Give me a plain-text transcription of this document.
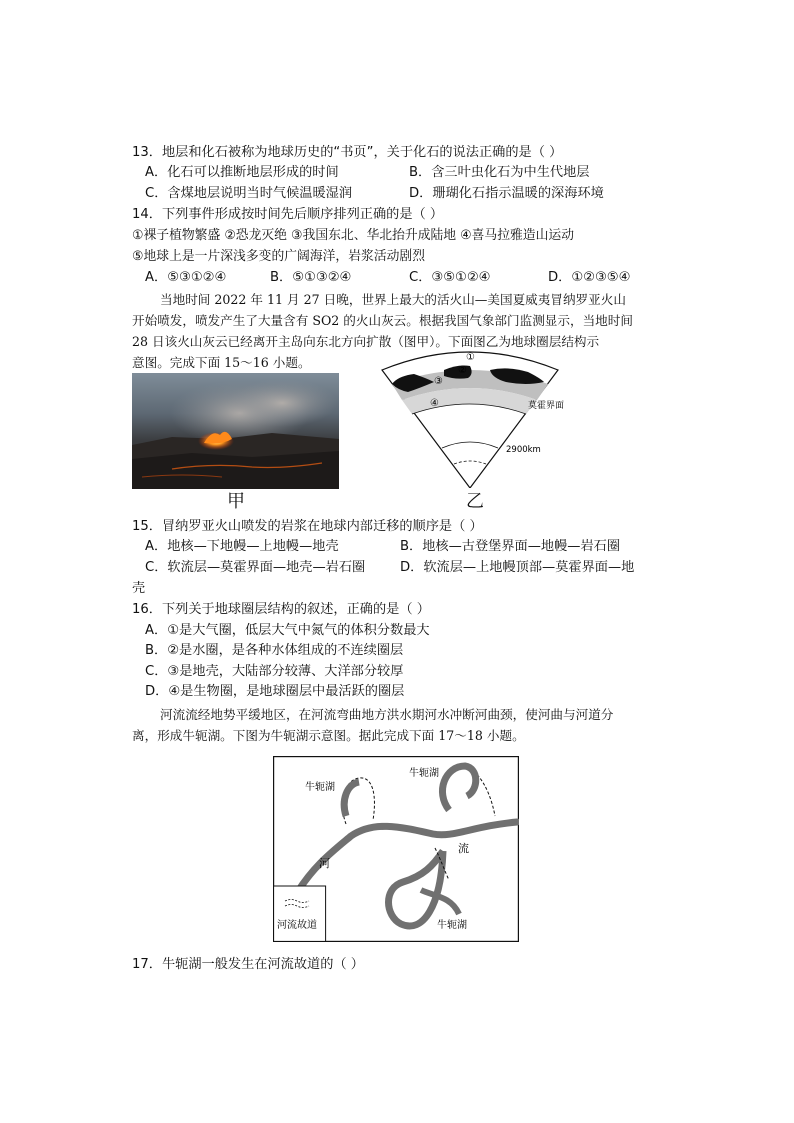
13．地层和化石被称为地球历史的“书页”，关于化石的说法正确的是（ ）
A．化石可以推断地层形成的时间	B．含三叶虫化石为中生代地层
C．含煤地层说明当时气候温暖湿润	D．珊瑚化石指示温暖的深海环境
14．下列事件形成按时间先后顺序排列正确的是（ ）
①裸子植物繁盛 ②恐龙灭绝 ③我国东北、华北抬升成陆地 ④喜马拉雅造山运动
⑤地球上是一片深浅多变的广阔海洋，岩浆活动剧烈
A．⑤③①②④	B．⑤①③②④	C．③⑤①②④	D．①②③⑤④
当地时间 2022 年 11 月 27 日晚，世界上最大的活火山—美国夏威夷冒纳罗亚火山
开始喷发，喷发产生了大量含有 SO2 的火山灰云。根据我国气象部门监测显示，当地时间
28 日该火山灰云已经离开主岛向东北方向扩散（图甲）。下面图乙为地球圈层结构示
意图。完成下面 15～16 小题。
甲
①
②
③
④	莫霍界面
2900km
乙
15．冒纳罗亚火山喷发的岩浆在地球内部迁移的顺序是（ ）
A．地核—下地幔—上地幔—地壳	B．地核—古登堡界面—地幔—岩石圈
C．软流层—莫霍界面—地壳—岩石圈	D．软流层—上地幔顶部—莫霍界面—地
壳
16．下列关于地球圈层结构的叙述，正确的是（ ）
A．①是大气圈，低层大气中氮气的体积分数最大
B．②是水圈，是各种水体组成的不连续圈层
C．③是地壳，大陆部分较薄、大洋部分较厚
D．④是生物圈，是地球圈层中最活跃的圈层
河流流经地势平缓地区，在河流弯曲地方洪水期河水冲断河曲颈，使河曲与河道分
离，形成牛轭湖。下图为牛轭湖示意图。据此完成下面 17～18 小题。
牛轭湖
牛轭湖
牛轭湖
河
流
河流故道
17．牛轭湖一般发生在河流故道的（ ）
